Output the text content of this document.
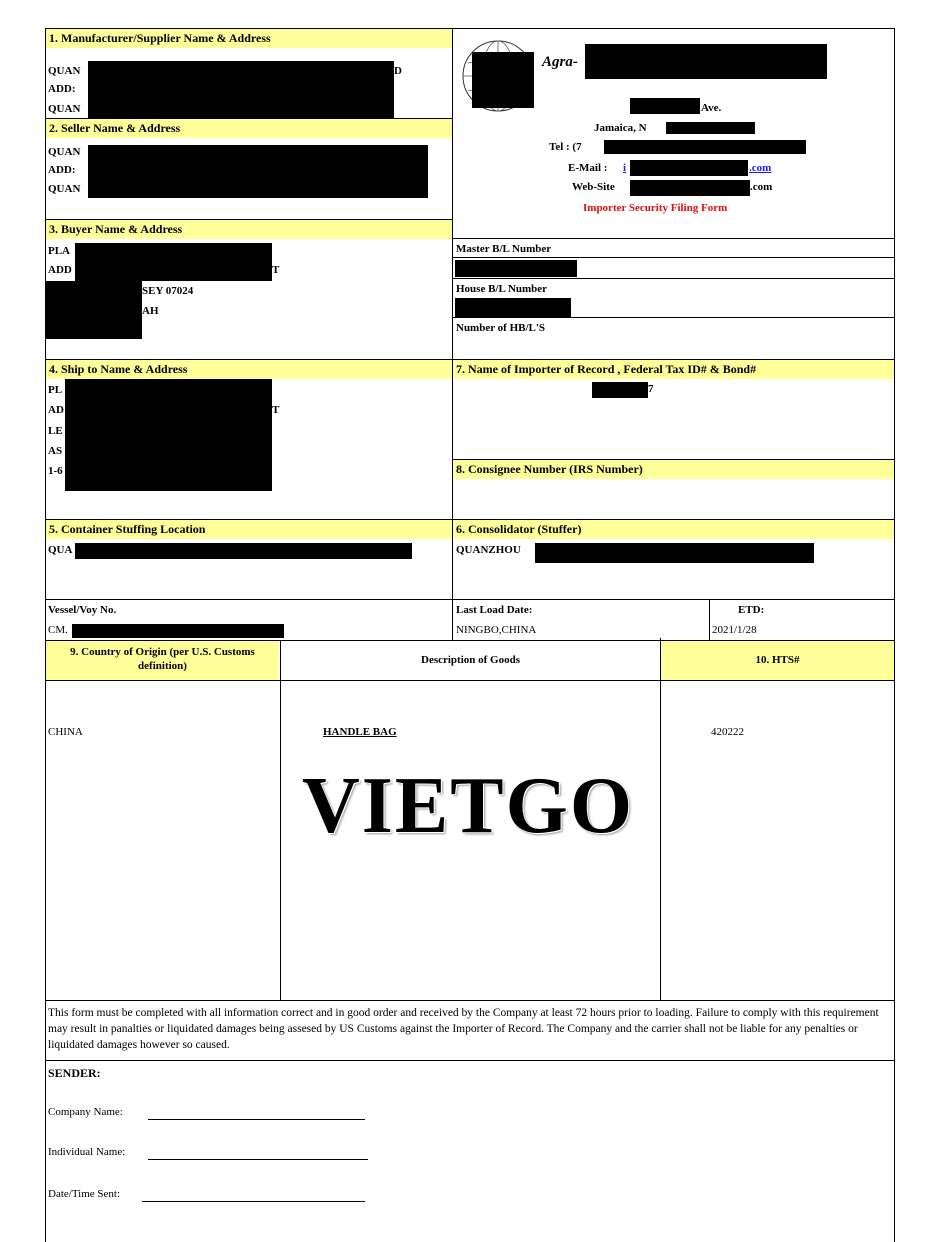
1. Manufacturer/Supplier Name & Address
QUAN	D
ADD:
QUAN
2. Seller Name & Address
QUAN
ADD:
QUAN
Agra-
Ave.
Jamaica, N
Tel : (7
E-Mail : i	.com
Web-Site	.com
Importer Security Filing Form
3. Buyer Name & Address
PLA
ADD	T
SEY 07024
AH
Master B/L Number
House B/L Number
Number of HB/L'S
4. Ship to Name & Address
PL
AD	T
LE
AS
1-6
7. Name of Importer of Record , Federal Tax ID# & Bond#
7
8. Consignee Number (IRS Number)
5. Container Stuffing Location
QUA
6. Consolidator (Stuffer)
QUANZHOU
Vessel/Voy No.
CM.
Last Load Date:
NINGBO,CHINA
ETD:
2021/1/28
9. Country of Origin (per U.S. Customs definition)	Description of Goods	10. HTS#
CHINA	HANDLE BAG	420222
VIETGO
This form must be completed with all information correct and in good order and received by the Company at least 72 hours prior to loading. Failure to comply with this requirement may result in panalties or liquidated damages being assesed by US Customs against the Importer of Record. The Company and the carrier shall not be liable for any penalties or liquidated damages however so caused.
SENDER:
Company Name:
Individual Name:
Date/Time Sent:
